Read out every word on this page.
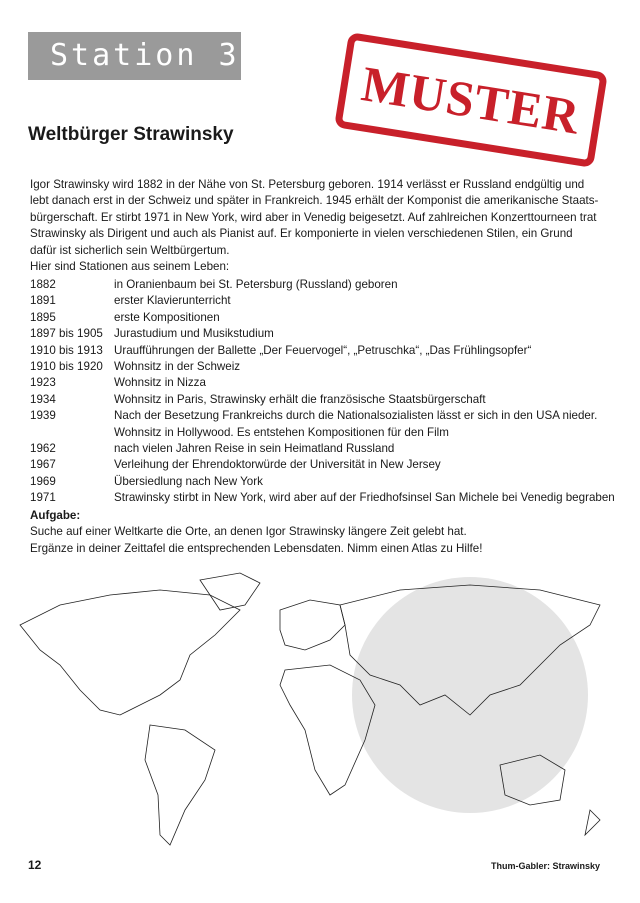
Station 3	MUSTER
Weltbürger Strawinsky
Igor Strawinsky wird 1882 in der Nähe von St. Petersburg geboren. 1914 verlässt er Russland endgültig und
lebt danach erst in der Schweiz und später in Frankreich. 1945 erhält der Komponist die amerikanische Staats-
bürgerschaft. Er stirbt 1971 in New York, wird aber in Venedig beigesetzt. Auf zahlreichen Konzerttourneen trat
Strawinsky als Dirigent und auch als Pianist auf. Er komponierte in vielen verschiedenen Stilen, ein Grund
dafür ist sicherlich sein Weltbürgertum.
Hier sind Stationen aus seinem Leben:
1882	in Oranienbaum bei St. Petersburg (Russland) geboren
1891	erster Klavierunterricht
1895	erste Kompositionen
1897 bis 1905 Jurastudium und Musikstudium
1910 bis 1913 Uraufführungen der Ballette „Der Feuervogel“, „Petruschka“, „Das Frühlingsopfer“
1910 bis 1920 Wohnsitz in der Schweiz
1923	Wohnsitz in Nizza
1934	Wohnsitz in Paris, Strawinsky erhält die französische Staatsbürgerschaft
1939	Nach der Besetzung Frankreichs durch die Nationalsozialisten lässt er sich in den USA nieder. Wohnsitz in Hollywood. Es entstehen Kompositionen für den Film
1962	nach vielen Jahren Reise in sein Heimatland Russland
1967	Verleihung der Ehrendoktorwürde der Universität in New Jersey
1969	Übersiedlung nach New York
1971	Strawinsky stirbt in New York, wird aber auf der Friedhofsinsel San Michele bei Venedig begraben
Aufgabe:
Suche auf einer Weltkarte die Orte, an denen Igor Strawinsky längere Zeit gelebt hat.
Ergänze in deiner Zeittafel die entsprechenden Lebensdaten. Nimm einen Atlas zu Hilfe!
12	Thum-Gabler: Strawinsky
